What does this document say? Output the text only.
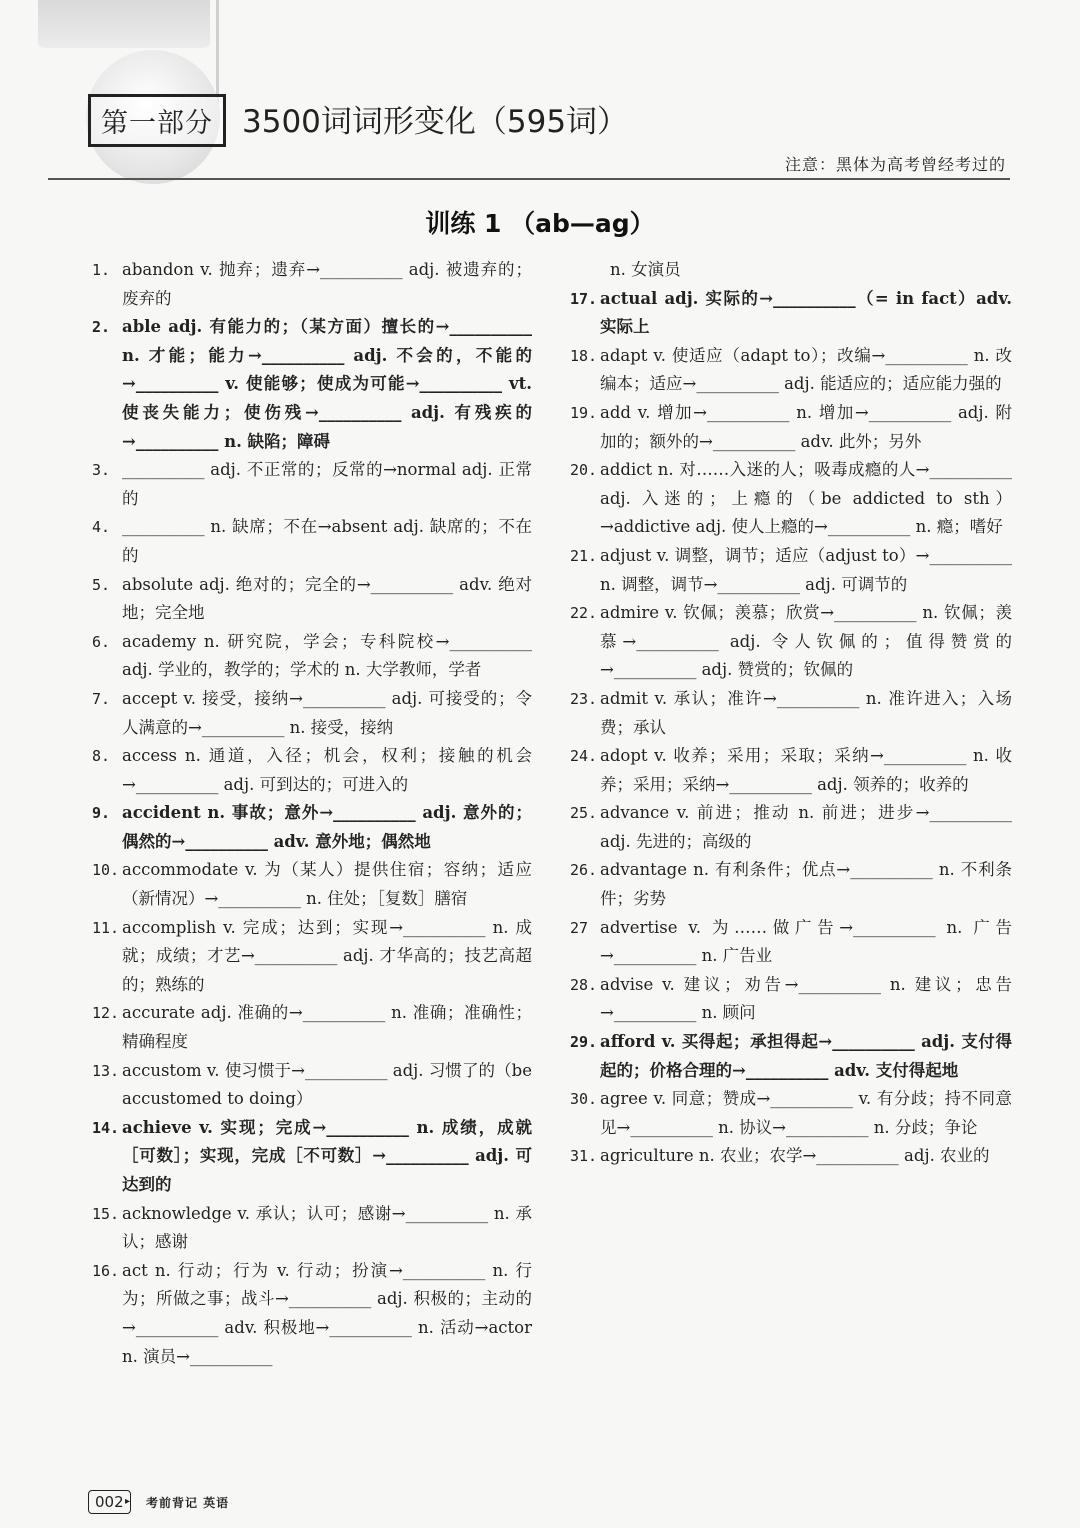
第一部分 3500词词形变化（595词）
注意：黑体为高考曾经考过的
训练 1 （ab—ag）
1. abandon v. 抛弃；遗弃→__________ adj. 被遗弃的；废弃的
2. able adj. 有能力的；（某方面）擅长的→__________ n. 才能；能力→__________ adj. 不会的，不能的→__________ v. 使能够；使成为可能→__________ vt. 使丧失能力；使伤残→__________ adj. 有残疾的→__________ n. 缺陷；障碍
3. __________ adj. 不正常的；反常的→normal adj. 正常的
4. __________ n. 缺席；不在→absent adj. 缺席的；不在的
5. absolute adj. 绝对的；完全的→__________ adv. 绝对地；完全地
6. academy n. 研究院，学会；专科院校→__________ adj. 学业的，教学的；学术的 n. 大学教师，学者
7. accept v. 接受，接纳→__________ adj. 可接受的；令人满意的→__________ n. 接受，接纳
8. access n. 通道，入径；机会，权利；接触的机会→__________ adj. 可到达的；可进入的
9. accident n. 事故；意外→__________ adj. 意外的；偶然的→__________ adv. 意外地；偶然地
10. accommodate v. 为（某人）提供住宿；容纳；适应（新情况）→__________ n. 住处；［复数］膳宿
11. accomplish v. 完成；达到；实现→__________ n. 成就；成绩；才艺→__________ adj. 才华高的；技艺高超的；熟练的
12. accurate adj. 准确的→__________ n. 准确；准确性；精确程度
13. accustom v. 使习惯于→__________ adj. 习惯了的（be accustomed to doing）
14. achieve v. 实现；完成→__________ n. 成绩，成就［可数］；实现，完成［不可数］→__________ adj. 可达到的
15. acknowledge v. 承认；认可；感谢→__________ n. 承认；感谢
16. act n. 行动；行为 v. 行动；扮演→__________ n. 行为；所做之事；战斗→__________ adj. 积极的；主动的→__________ adv. 积极地→__________ n. 活动→actor n. 演员→__________
n. 女演员
17. actual adj. 实际的→__________（= in fact）adv. 实际上
18. adapt v. 使适应（adapt to）；改编→__________ n. 改编本；适应→__________ adj. 能适应的；适应能力强的
19. add v. 增加→__________ n. 增加→__________ adj. 附加的；额外的→__________ adv. 此外；另外
20. addict n. 对……入迷的人；吸毒成瘾的人→__________ adj. 入迷的；上瘾的（be addicted to sth）→addictive adj. 使人上瘾的→__________ n. 瘾；嗜好
21. adjust v. 调整，调节；适应（adjust to）→__________ n. 调整，调节→__________ adj. 可调节的
22. admire v. 钦佩；羡慕；欣赏→__________ n. 钦佩；羡慕→__________ adj. 令人钦佩的；值得赞赏的→__________ adj. 赞赏的；钦佩的
23. admit v. 承认；准许→__________ n. 准许进入；入场费；承认
24. adopt v. 收养；采用；采取；采纳→__________ n. 收养；采用；采纳→__________ adj. 领养的；收养的
25. advance v. 前进；推动 n. 前进；进步→__________ adj. 先进的；高级的
26. advantage n. 有利条件；优点→__________ n. 不利条件；劣势
27 advertise v. 为……做广告→__________ n. 广告→__________ n. 广告业
28. advise v. 建议；劝告→__________ n. 建议；忠告→__________ n. 顾问
29. afford v. 买得起；承担得起→__________ adj. 支付得起的；价格合理的→__________ adv. 支付得起地
30. agree v. 同意；赞成→__________ v. 有分歧；持不同意见→__________ n. 协议→__________ n. 分歧；争论
31. agriculture n. 农业；农学→__________ adj. 农业的
002 ▸ 考前背记 英语
